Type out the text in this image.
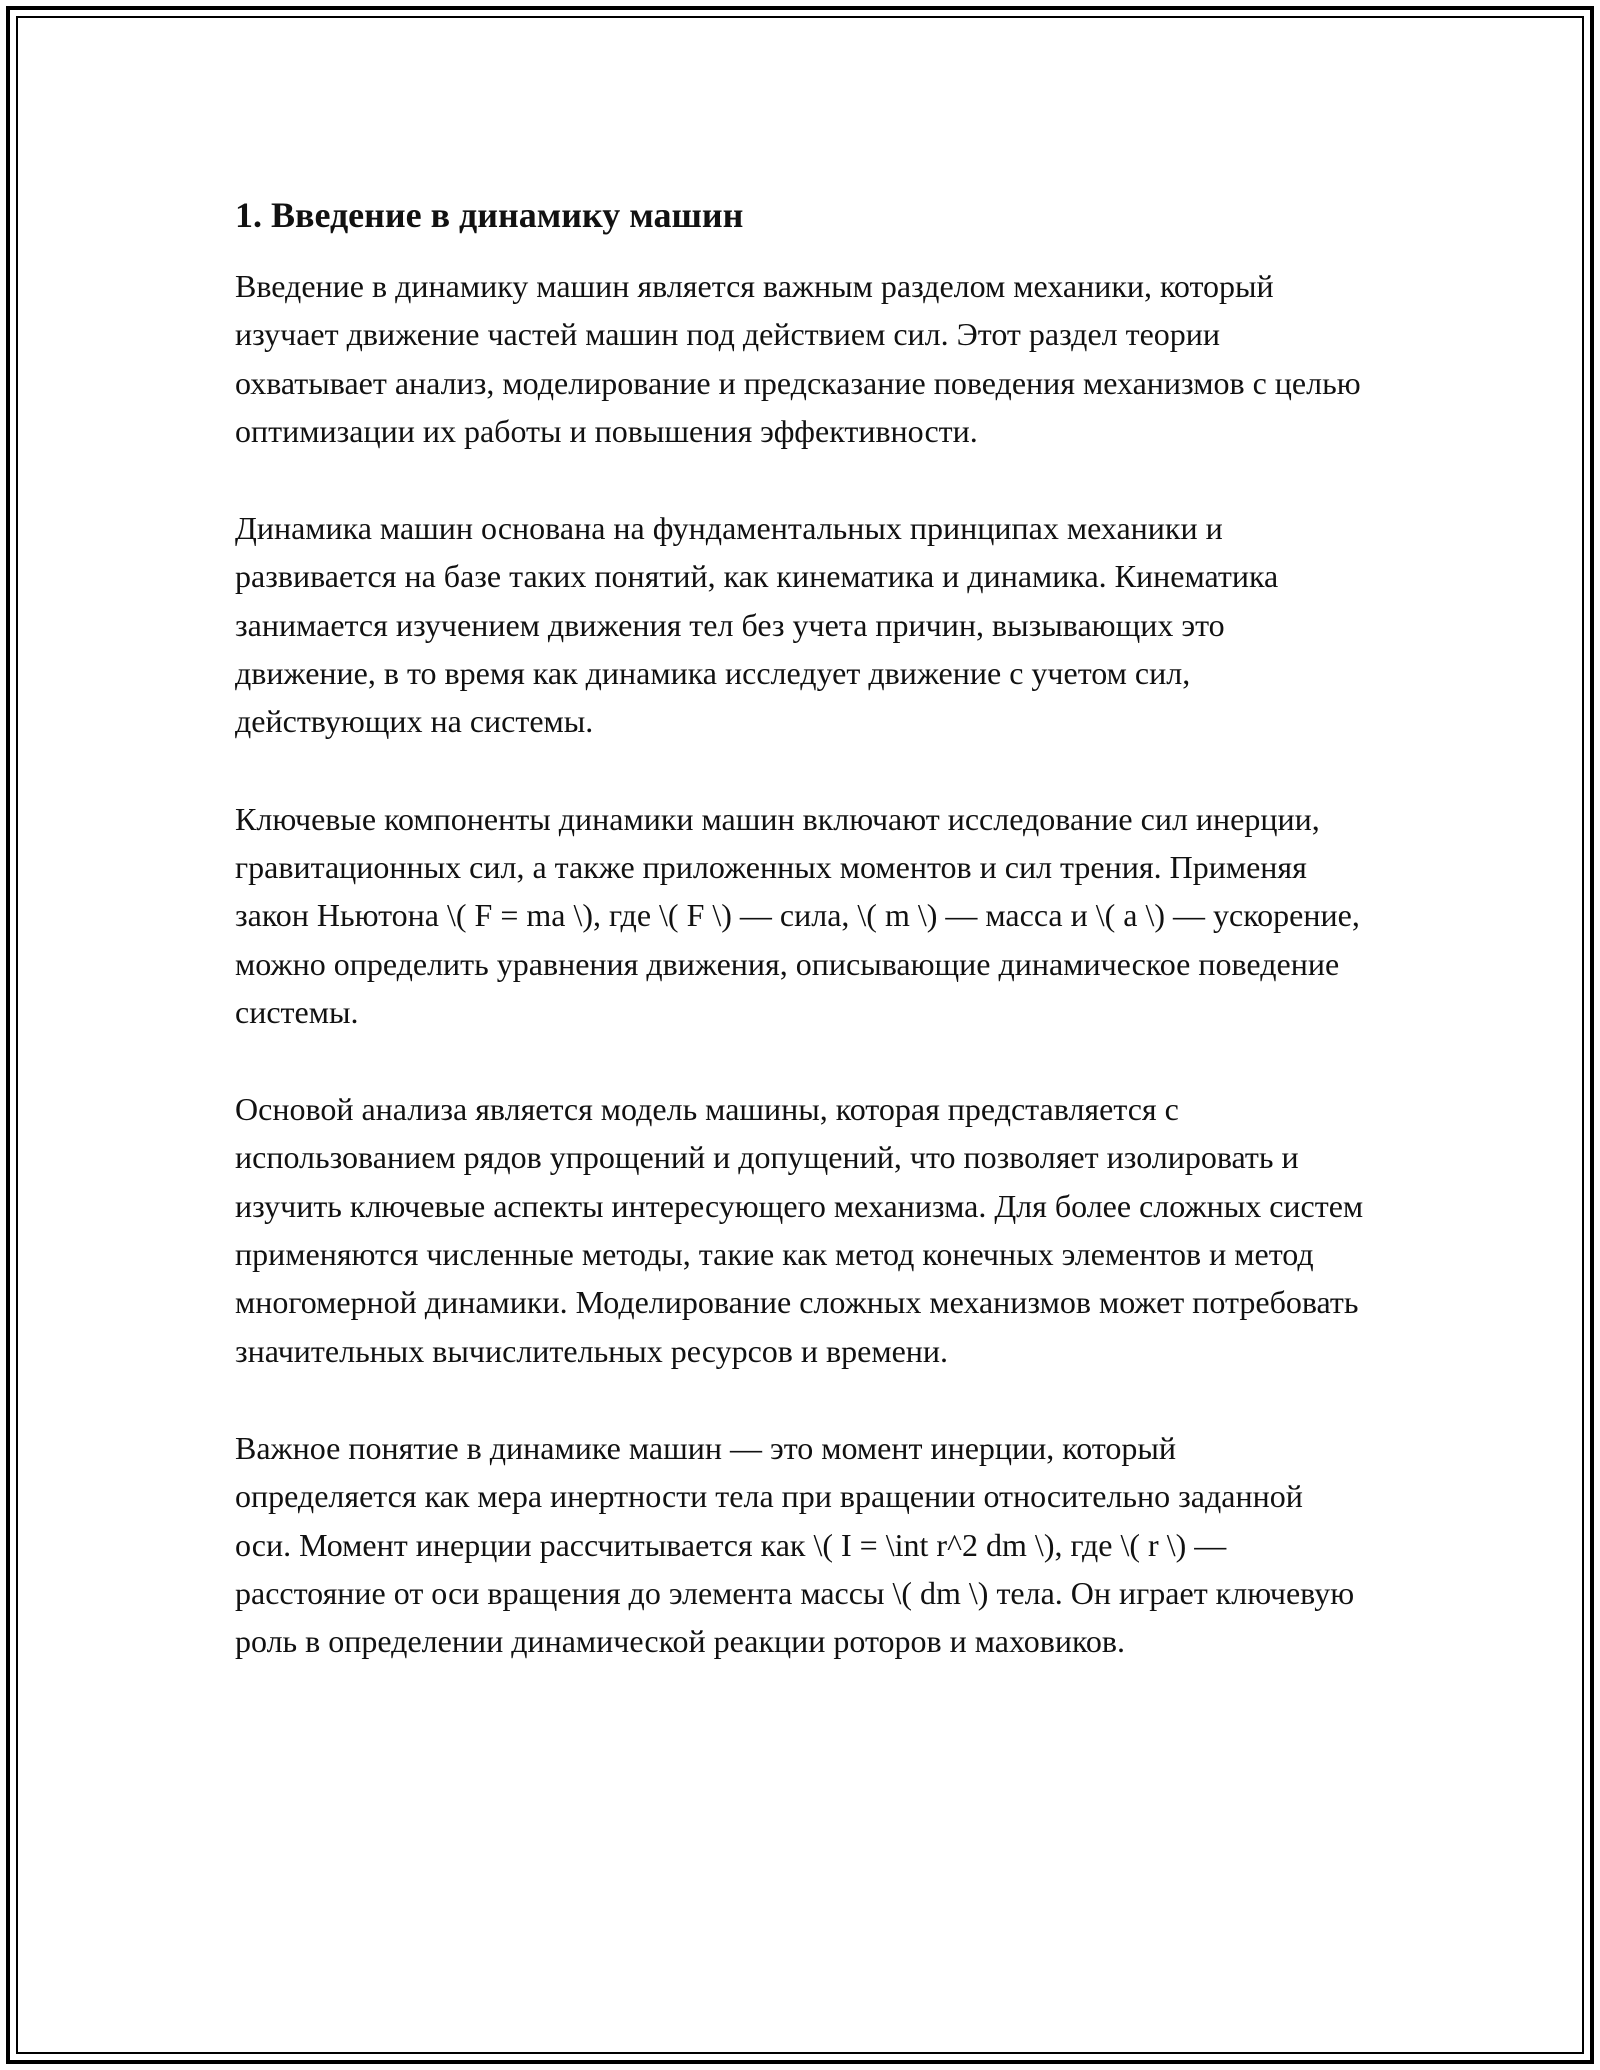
1. Введение в динамику машин

Введение в динамику машин является важным разделом механики, который изучает движение частей машин под действием сил. Этот раздел теории охватывает анализ, моделирование и предсказание поведения механизмов с целью оптимизации их работы и повышения эффективности.

Динамика машин основана на фундаментальных принципах механики и развивается на базе таких понятий, как кинематика и динамика. Кинематика занимается изучением движения тел без учета причин, вызывающих это движение, в то время как динамика исследует движение с учетом сил, действующих на системы.

Ключевые компоненты динамики машин включают исследование сил инерции, гравитационных сил, а также приложенных моментов и сил трения. Применяя закон Ньютона \( F = ma \), где \( F \) — сила, \( m \) — масса и \( a \) — ускорение, можно определить уравнения движения, описывающие динамическое поведение системы.

Основой анализа является модель машины, которая представляется с использованием рядов упрощений и допущений, что позволяет изолировать и изучить ключевые аспекты интересующего механизма. Для более сложных систем применяются численные методы, такие как метод конечных элементов и метод многомерной динамики. Моделирование сложных механизмов может потребовать значительных вычислительных ресурсов и времени.

Важное понятие в динамике машин — это момент инерции, который определяется как мера инертности тела при вращении относительно заданной оси. Момент инерции рассчитывается как \( I = \int r^2 dm \), где \( r \) — расстояние от оси вращения до элемента массы \( dm \) тела. Он играет ключевую роль в определении динамической реакции роторов и маховиков.
